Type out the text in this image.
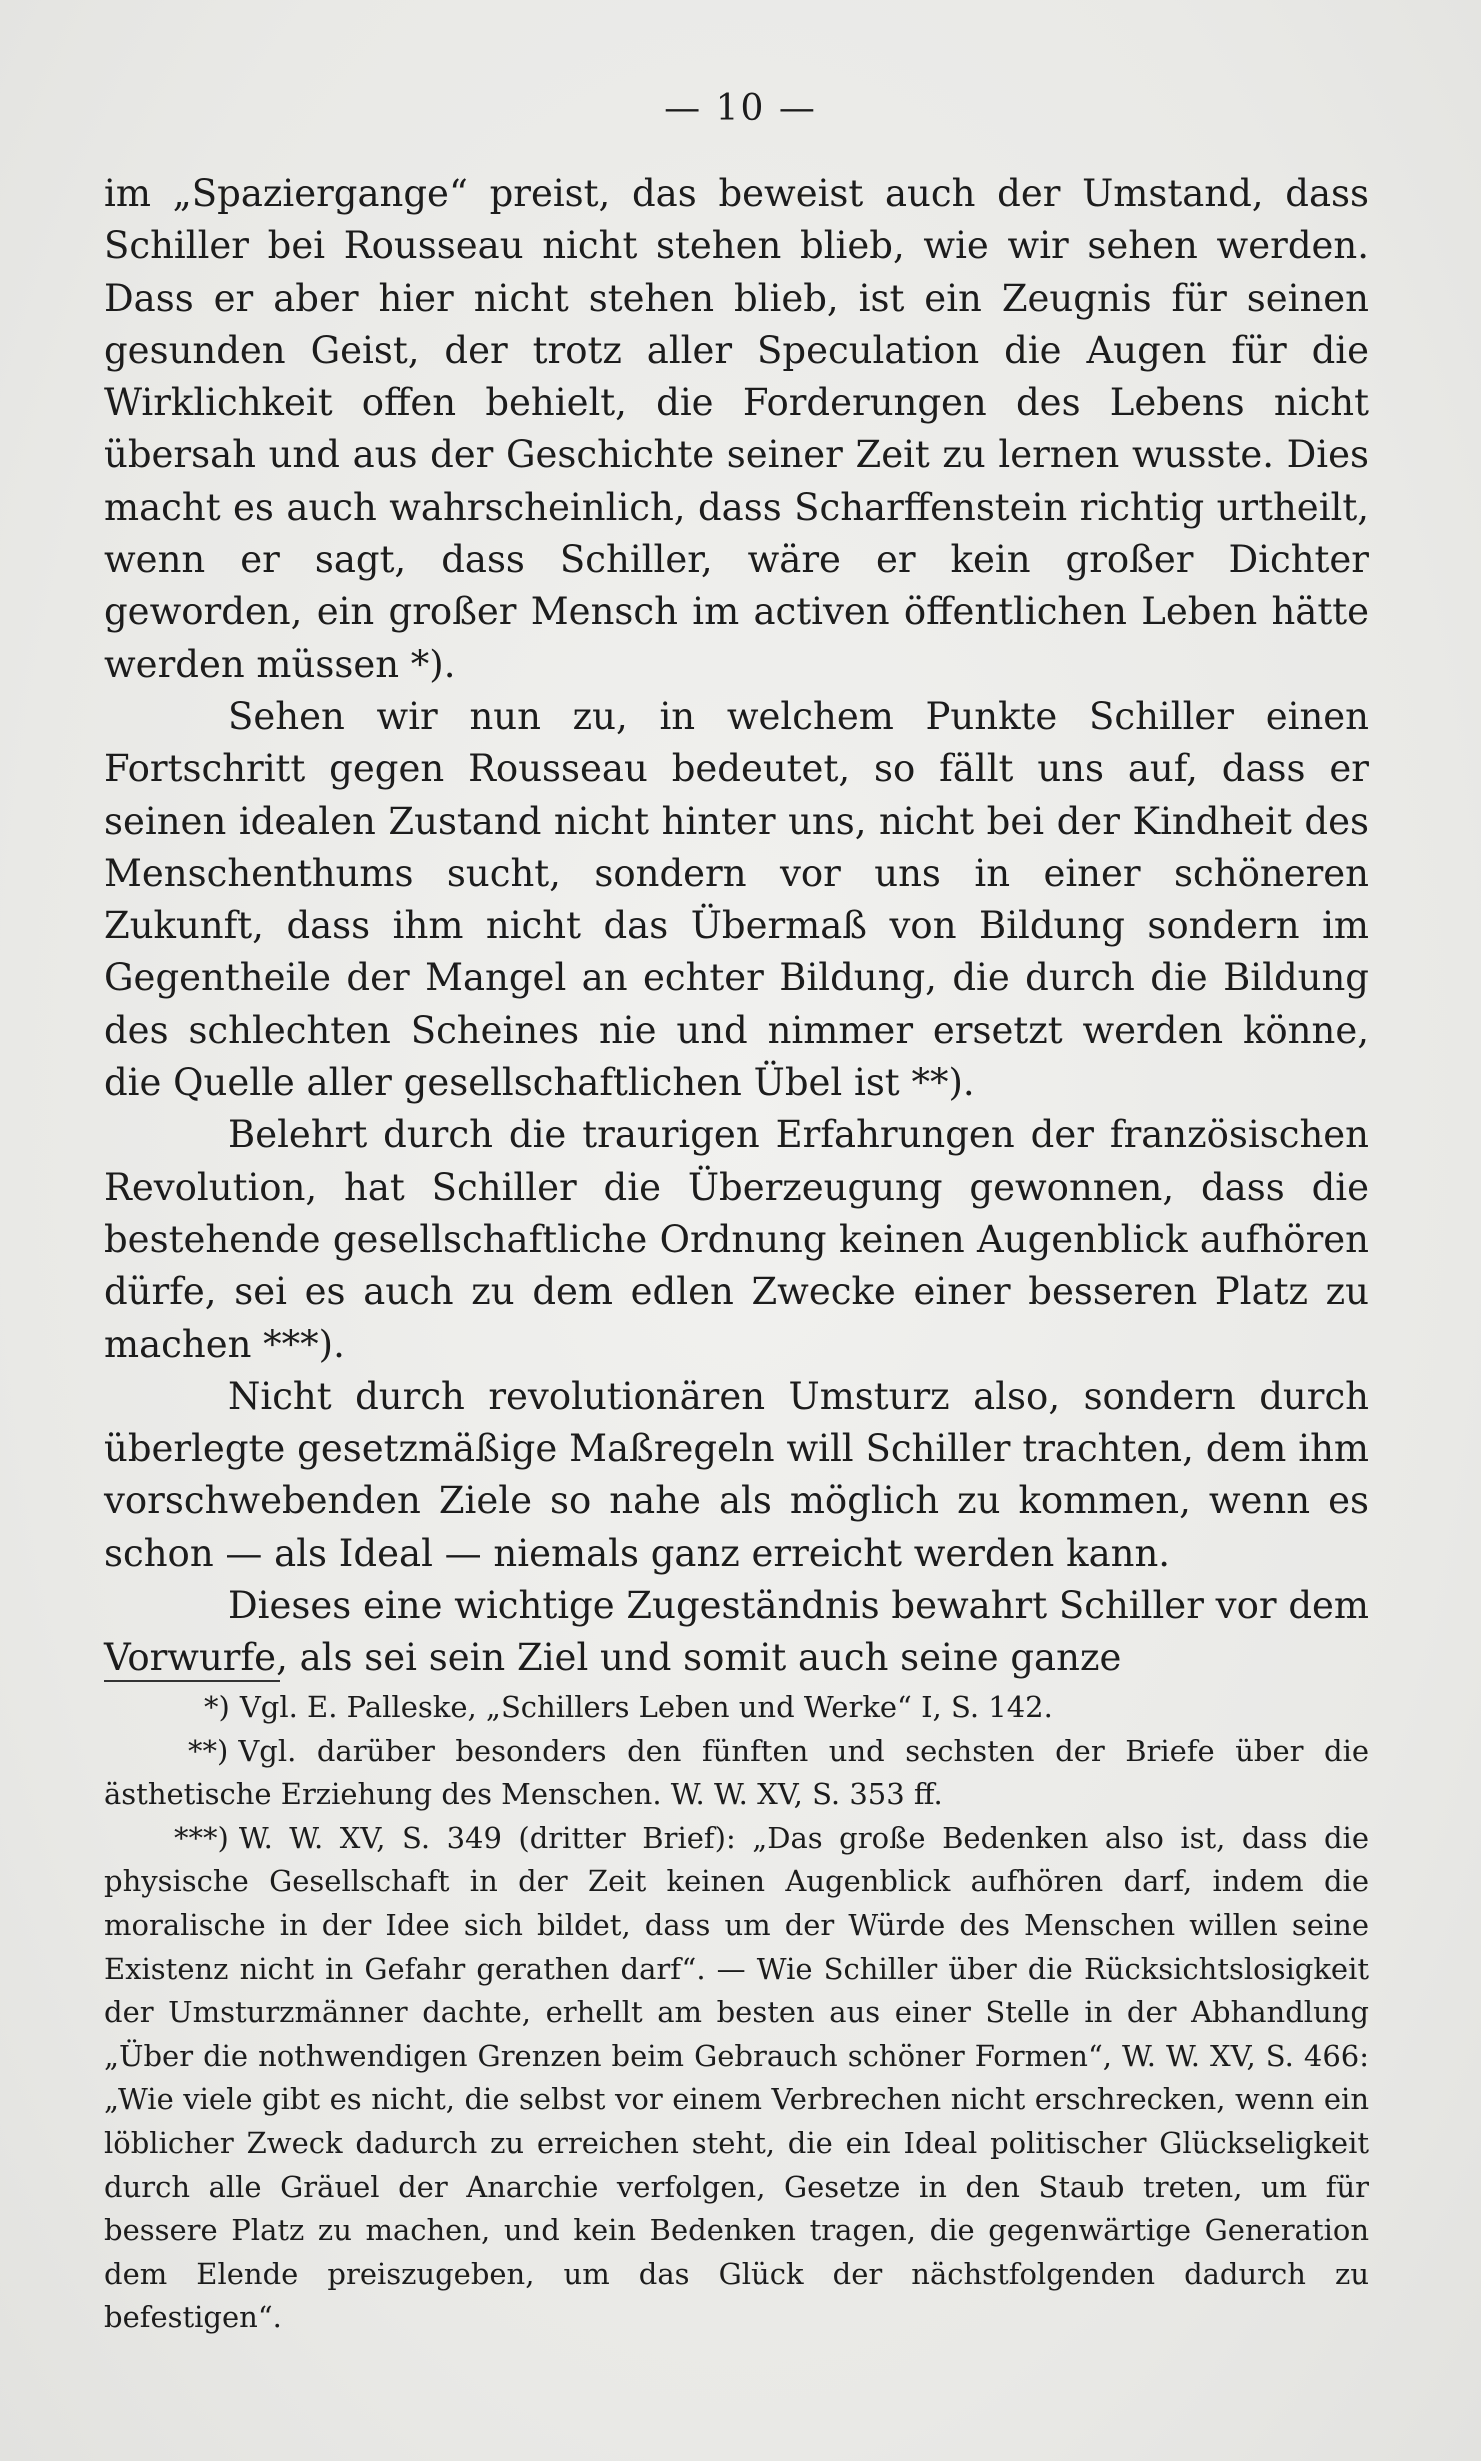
— 10 —

im „Spaziergange“ preist, das beweist auch der Umstand, dass Schiller bei Rousseau nicht stehen blieb, wie wir sehen werden. Dass er aber hier nicht stehen blieb, ist ein Zeugnis für seinen gesunden Geist, der trotz aller Speculation die Augen für die Wirklichkeit offen behielt, die Forderungen des Lebens nicht übersah und aus der Geschichte seiner Zeit zu lernen wusste. Dies macht es auch wahrscheinlich, dass Scharffenstein richtig urtheilt, wenn er sagt, dass Schiller, wäre er kein großer Dichter geworden, ein großer Mensch im activen öffentlichen Leben hätte werden müssen *).

Sehen wir nun zu, in welchem Punkte Schiller einen Fortschritt gegen Rousseau bedeutet, so fällt uns auf, dass er seinen idealen Zustand nicht hinter uns, nicht bei der Kindheit des Menschenthums sucht, sondern vor uns in einer schöneren Zukunft, dass ihm nicht das Übermaß von Bildung sondern im Gegentheile der Mangel an echter Bildung, die durch die Bildung des schlechten Scheines nie und nimmer ersetzt werden könne, die Quelle aller gesellschaftlichen Übel ist **).

Belehrt durch die traurigen Erfahrungen der französischen Revolution, hat Schiller die Überzeugung gewonnen, dass die bestehende gesellschaftliche Ordnung keinen Augenblick aufhören dürfe, sei es auch zu dem edlen Zwecke einer besseren Platz zu machen ***).

Nicht durch revolutionären Umsturz also, sondern durch überlegte gesetzmäßige Maßregeln will Schiller trachten, dem ihm vorschwebenden Ziele so nahe als möglich zu kommen, wenn es schon — als Ideal — niemals ganz erreicht werden kann.

Dieses eine wichtige Zugeständnis bewahrt Schiller vor dem Vorwurfe, als sei sein Ziel und somit auch seine ganze

*) Vgl. E. Palleske, „Schillers Leben und Werke“ I, S. 142.

**) Vgl. darüber besonders den fünften und sechsten der Briefe über die ästhetische Erziehung des Menschen. W. W. XV, S. 353 ff.

***) W. W. XV, S. 349 (dritter Brief): „Das große Bedenken also ist, dass die physische Gesellschaft in der Zeit keinen Augenblick aufhören darf, indem die moralische in der Idee sich bildet, dass um der Würde des Menschen willen seine Existenz nicht in Gefahr gerathen darf“. — Wie Schiller über die Rücksichtslosigkeit der Umsturzmänner dachte, erhellt am besten aus einer Stelle in der Abhandlung „Über die nothwendigen Grenzen beim Gebrauch schöner Formen“, W. W. XV, S. 466: „Wie viele gibt es nicht, die selbst vor einem Verbrechen nicht erschrecken, wenn ein löblicher Zweck dadurch zu erreichen steht, die ein Ideal politischer Glückseligkeit durch alle Gräuel der Anarchie verfolgen, Gesetze in den Staub treten, um für bessere Platz zu machen, und kein Bedenken tragen, die gegenwärtige Generation dem Elende preiszugeben, um das Glück der nächstfolgenden dadurch zu befestigen“.
